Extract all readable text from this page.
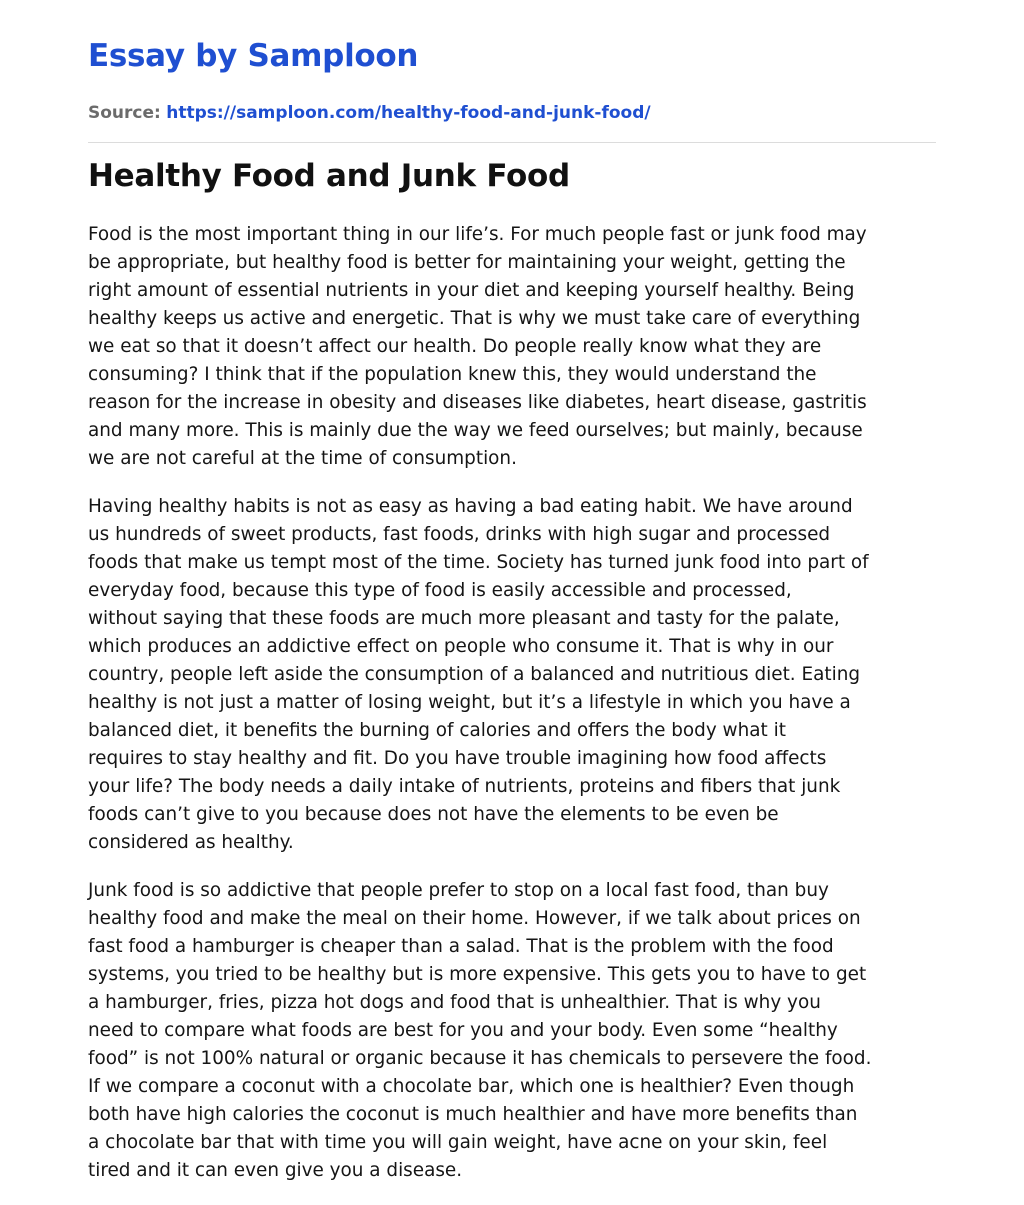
Essay by Samploon
Source: https://samploon.com/healthy-food-and-junk-food/
Healthy Food and Junk Food

Food is the most important thing in our life’s. For much people fast or junk food may
be appropriate, but healthy food is better for maintaining your weight, getting the
right amount of essential nutrients in your diet and keeping yourself healthy. Being
healthy keeps us active and energetic. That is why we must take care of everything
we eat so that it doesn’t affect our health. Do people really know what they are
consuming? I think that if the population knew this, they would understand the
reason for the increase in obesity and diseases like diabetes, heart disease, gastritis
and many more. This is mainly due the way we feed ourselves; but mainly, because
we are not careful at the time of consumption.

Having healthy habits is not as easy as having a bad eating habit. We have around
us hundreds of sweet products, fast foods, drinks with high sugar and processed
foods that make us tempt most of the time. Society has turned junk food into part of
everyday food, because this type of food is easily accessible and processed,
without saying that these foods are much more pleasant and tasty for the palate,
which produces an addictive effect on people who consume it. That is why in our
country, people left aside the consumption of a balanced and nutritious diet. Eating
healthy is not just a matter of losing weight, but it’s a lifestyle in which you have a
balanced diet, it benefits the burning of calories and offers the body what it
requires to stay healthy and fit. Do you have trouble imagining how food affects
your life? The body needs a daily intake of nutrients, proteins and fibers that junk
foods can’t give to you because does not have the elements to be even be
considered as healthy.

Junk food is so addictive that people prefer to stop on a local fast food, than buy
healthy food and make the meal on their home. However, if we talk about prices on
fast food a hamburger is cheaper than a salad. That is the problem with the food
systems, you tried to be healthy but is more expensive. This gets you to have to get
a hamburger, fries, pizza hot dogs and food that is unhealthier. That is why you
need to compare what foods are best for you and your body. Even some “healthy
food” is not 100% natural or organic because it has chemicals to persevere the food.
If we compare a coconut with a chocolate bar, which one is healthier? Even though
both have high calories the coconut is much healthier and have more benefits than
a chocolate bar that with time you will gain weight, have acne on your skin, feel
tired and it can even give you a disease.
